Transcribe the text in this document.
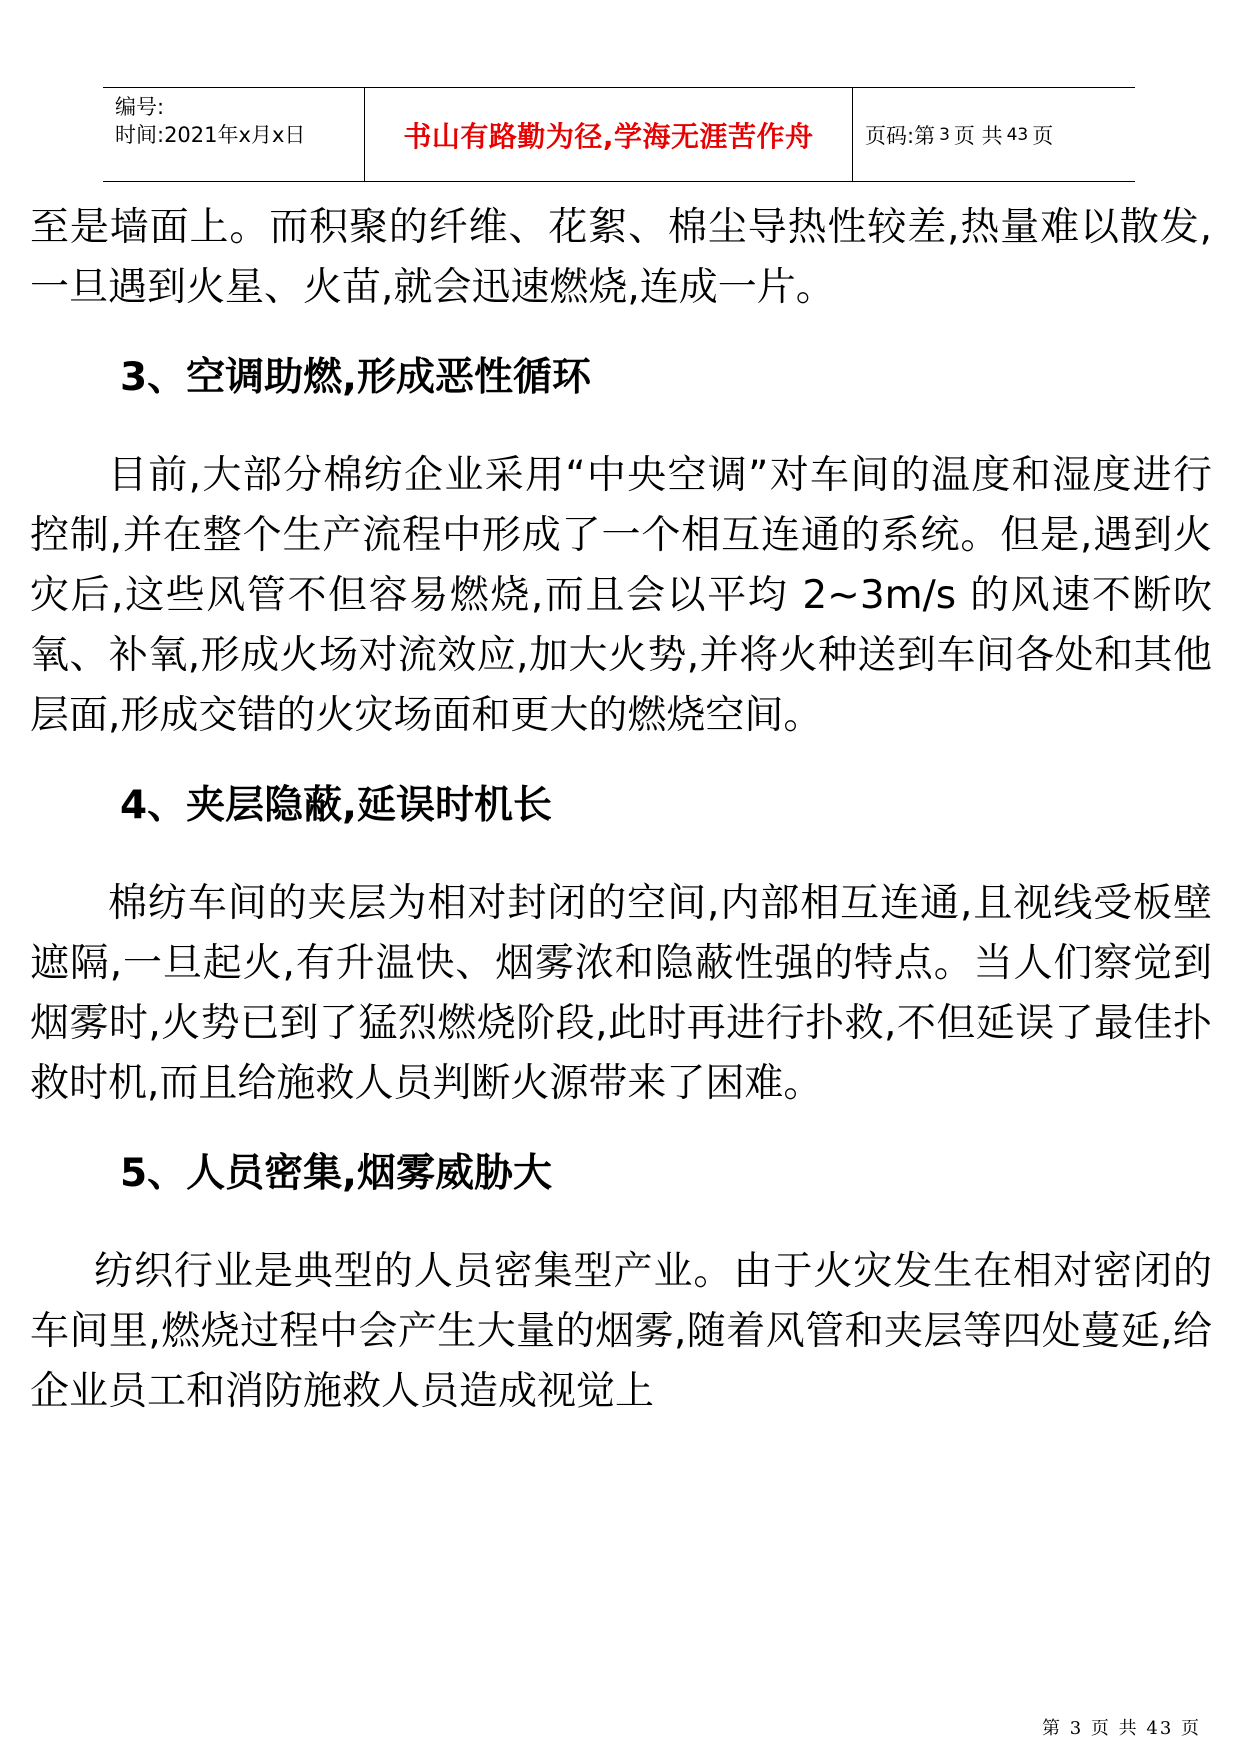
编号:
时间:2021年x月x日	书山有路勤为径,学海无涯苦作舟 页码:第 3 页 共 43 页

至是墙面上。而积聚的纤维、花絮、棉尘导热性较差,热量难以散发,一旦遇到火星、火苗,就会迅速燃烧,连成一片。

3、空调助燃,形成恶性循环

目前,大部分棉纺企业采用“中央空调”对车间的温度和湿度进行控制,并在整个生产流程中形成了一个相互连通的系统。但是,遇到火灾后,这些风管不但容易燃烧,而且会以平均 2~3m/s 的风速不断吹氧、补氧,形成火场对流效应,加大火势,并将火种送到车间各处和其他层面,形成交错的火灾场面和更大的燃烧空间。

4、夹层隐蔽,延误时机长

棉纺车间的夹层为相对封闭的空间,内部相互连通,且视线受板壁遮隔,一旦起火,有升温快、烟雾浓和隐蔽性强的特点。当人们察觉到烟雾时,火势已到了猛烈燃烧阶段,此时再进行扑救,不但延误了最佳扑救时机,而且给施救人员判断火源带来了困难。

5、人员密集,烟雾威胁大

纺织行业是典型的人员密集型产业。由于火灾发生在相对密闭的车间里,燃烧过程中会产生大量的烟雾,随着风管和夹层等四处蔓延,给企业员工和消防施救人员造成视觉上

第 3 页 共 43 页
